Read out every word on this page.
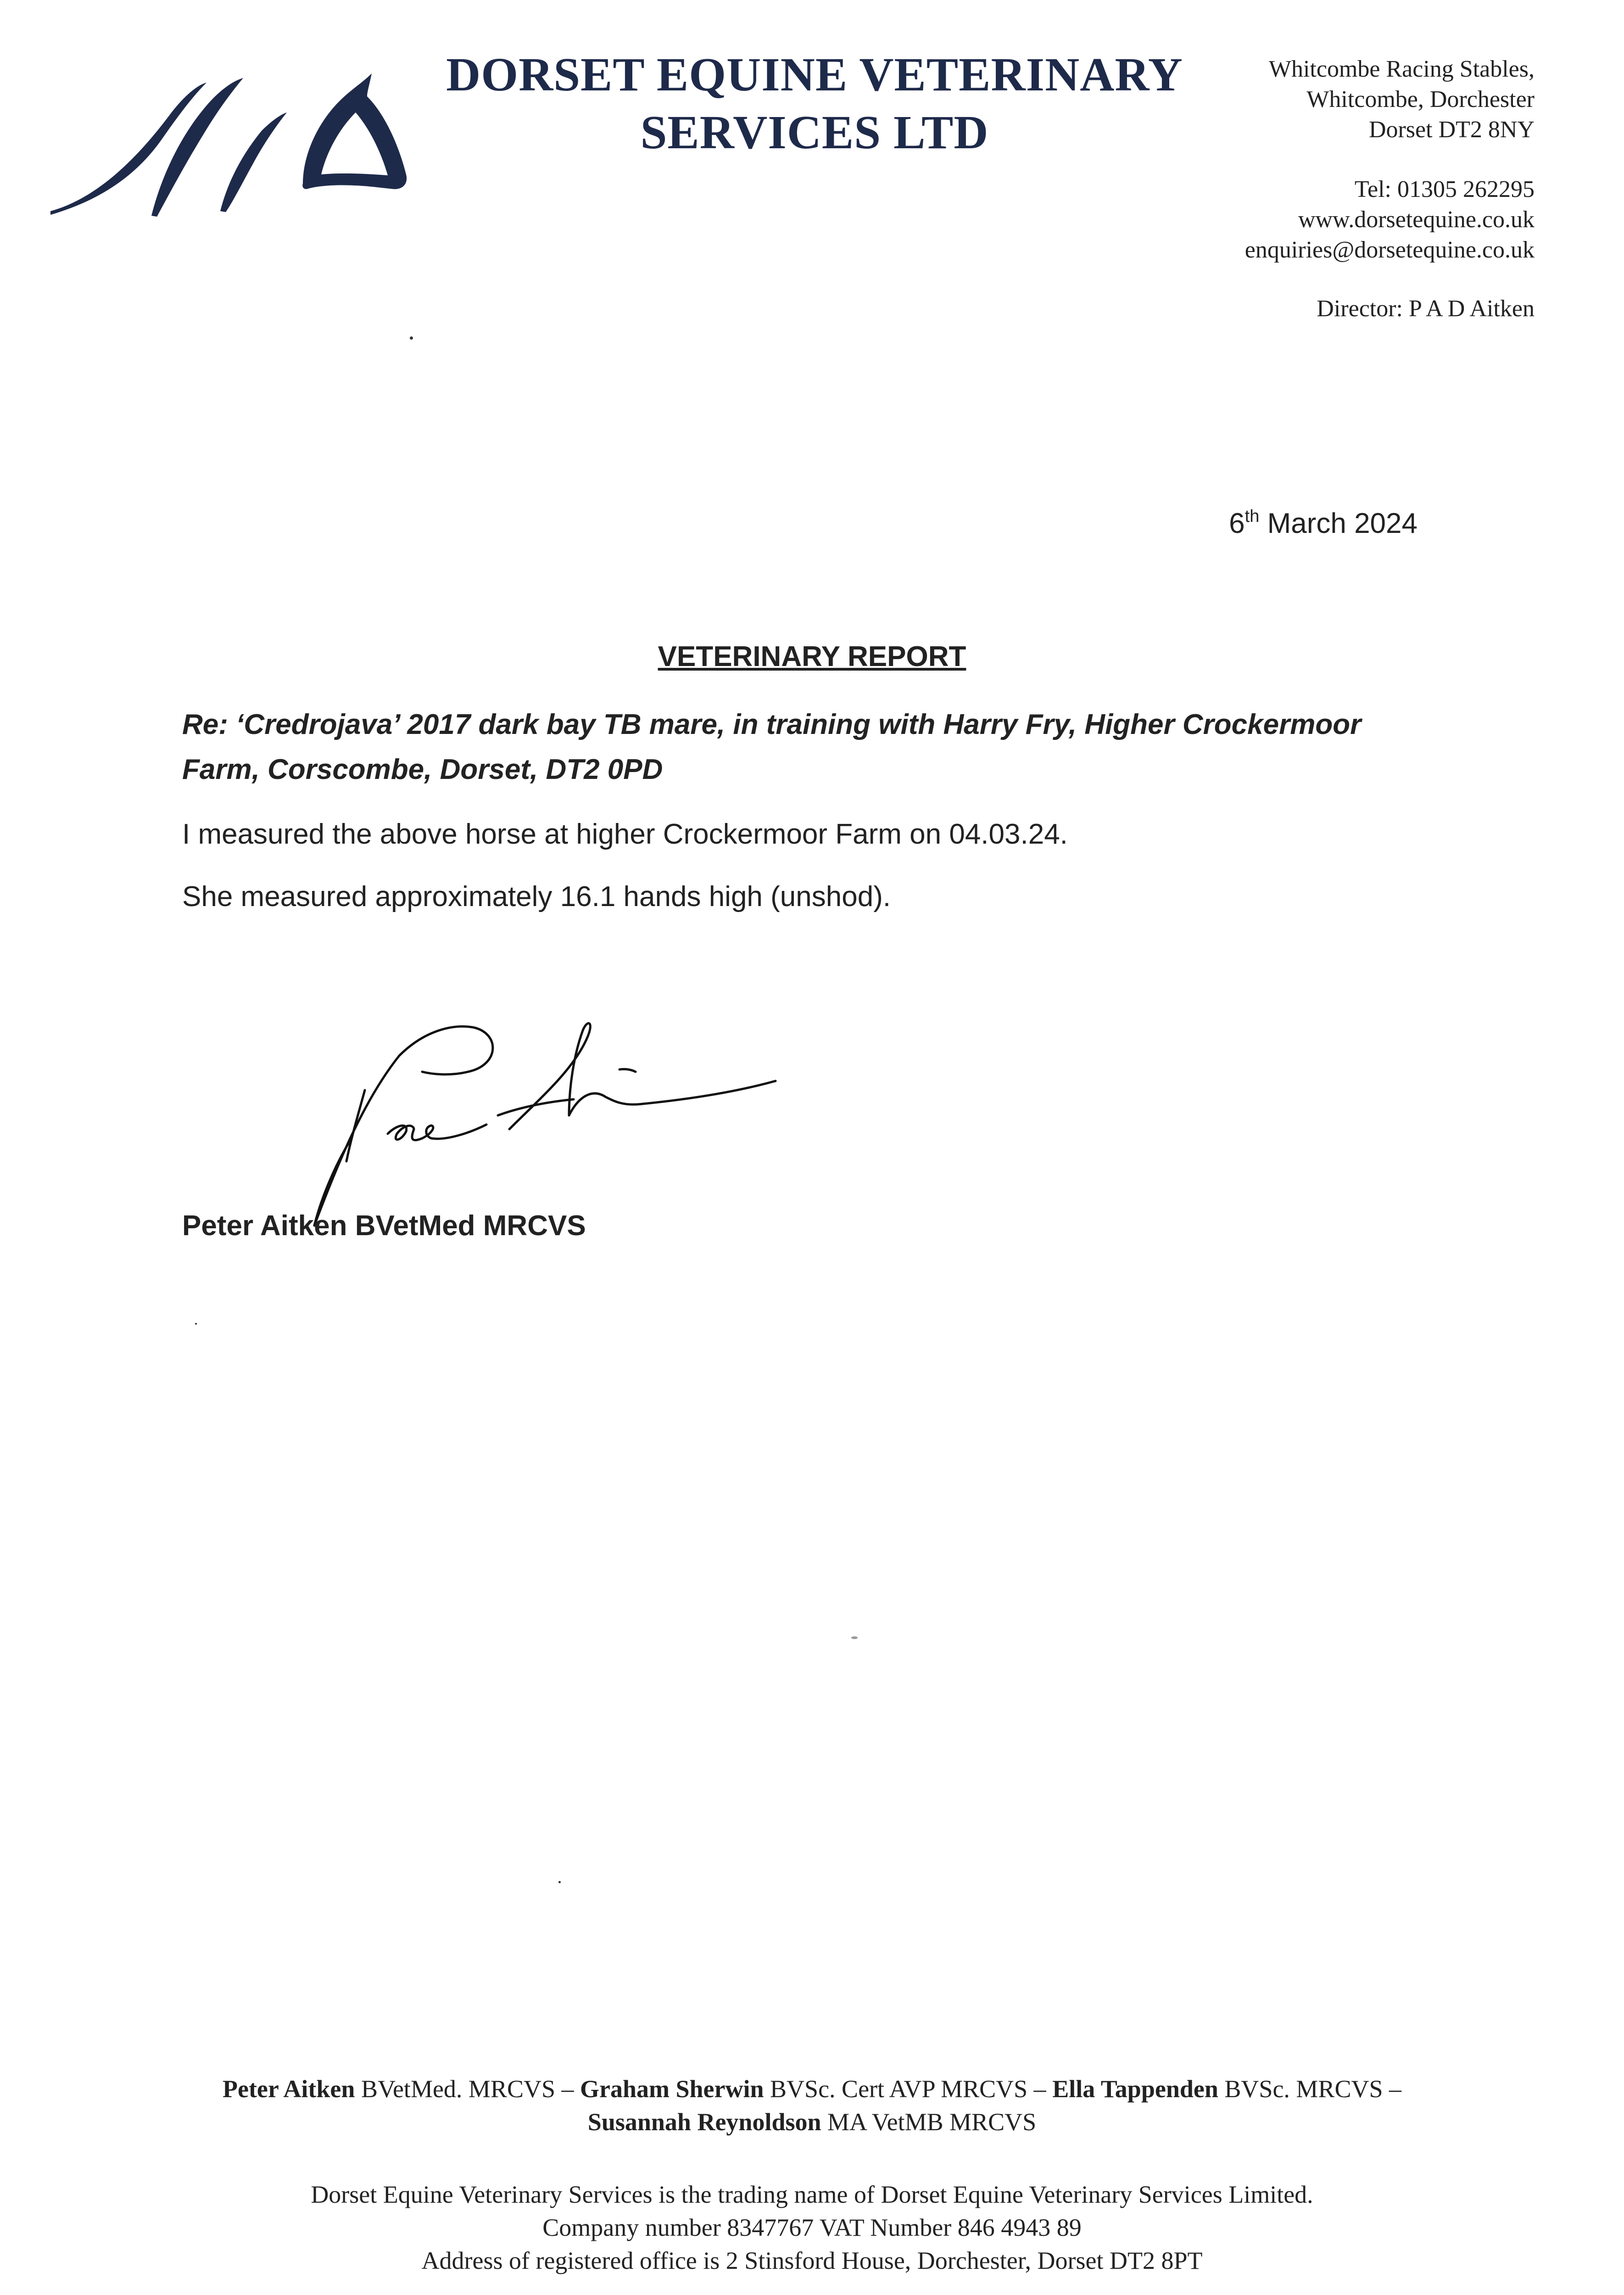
DORSET EQUINE VETERINARY
SERVICES LTD
Whitcombe Racing Stables,
Whitcombe, Dorchester
Dorset DT2 8NY
Tel: 01305 262295
www.dorsetequine.co.uk
enquiries@dorsetequine.co.uk
Director: P A D Aitken
6th March 2024
VETERINARY REPORT
Re: ‘Credrojava’ 2017 dark bay TB mare, in training with Harry Fry, Higher Crockermoor Farm, Corscombe, Dorset, DT2 0PD
I measured the above horse at higher Crockermoor Farm on 04.03.24.
She measured approximately 16.1 hands high (unshod).
Peter Aitken BVetMed MRCVS
Peter Aitken BVetMed. MRCVS – Graham Sherwin BVSc. Cert AVP MRCVS – Ella Tappenden BVSc. MRCVS –
Susannah Reynoldson MA VetMB MRCVS
Dorset Equine Veterinary Services is the trading name of Dorset Equine Veterinary Services Limited.
Company number 8347767 VAT Number 846 4943 89
Address of registered office is 2 Stinsford House, Dorchester, Dorset DT2 8PT
